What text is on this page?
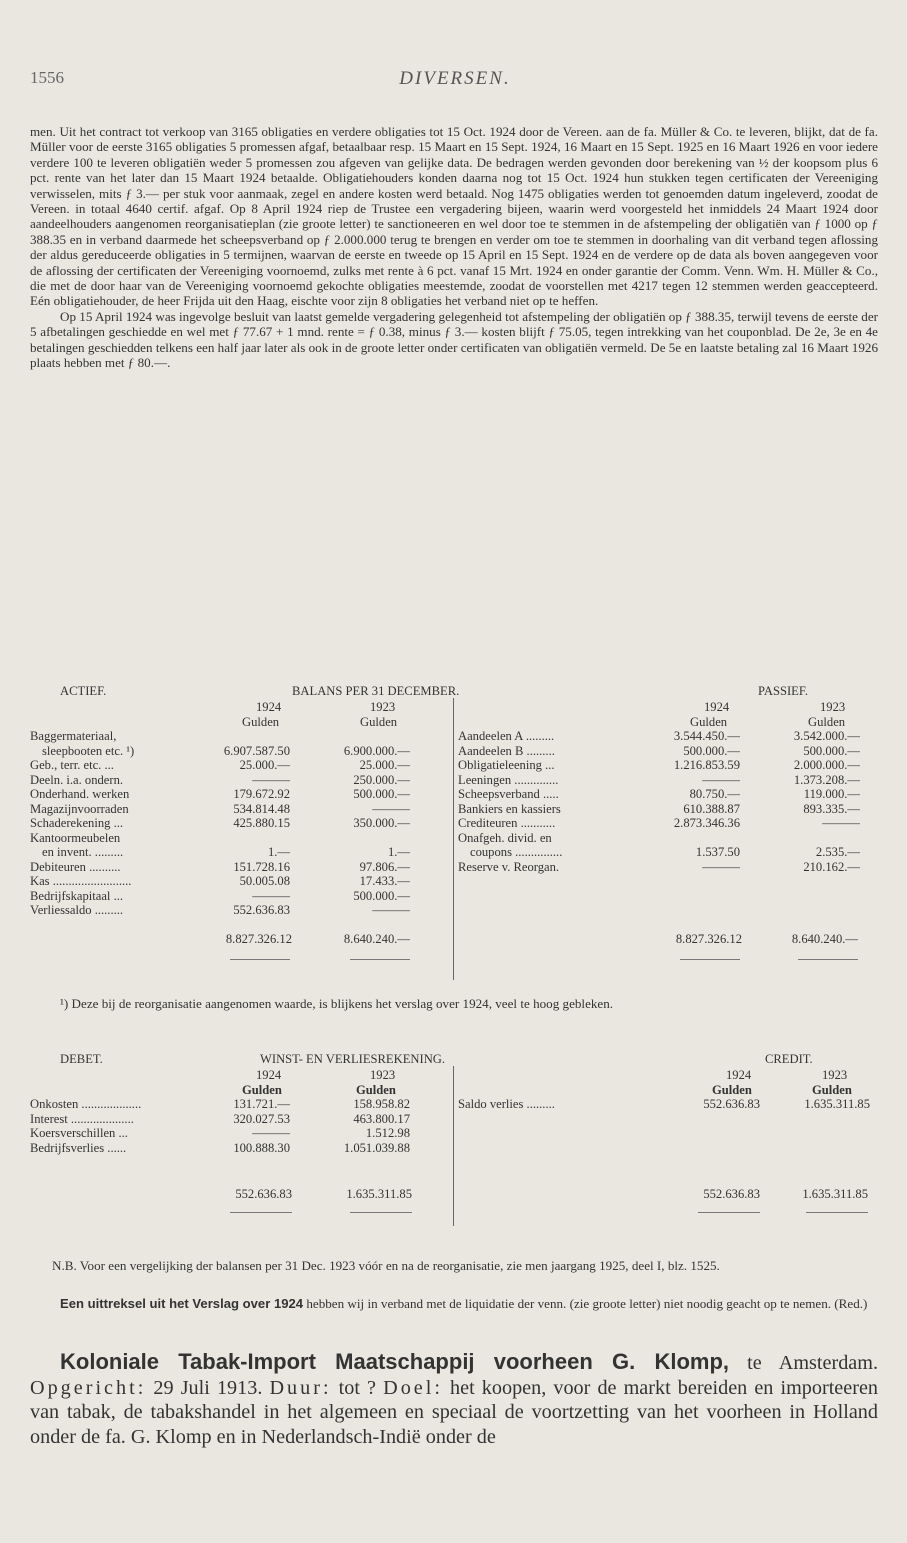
1556	DIVERSEN.

men. Uit het contract tot verkoop van 3165 obligaties en verdere obligaties tot 15 Oct. 1924 door de Vereen. aan de fa. Müller & Co. te leveren, blijkt, dat de fa. Müller voor de eerste 3165 obligaties 5 promessen afgaf, betaalbaar resp. 15 Maart en 15 Sept. 1924, 16 Maart en 15 Sept. 1925 en 16 Maart 1926 en voor iedere verdere 100 te leveren obligatiën weder 5 promessen zou afgeven van gelijke data. De bedragen werden gevonden door berekening van ½ der koopsom plus 6 pct. rente van het later dan 15 Maart 1924 betaalde. Obligatiehouders konden daarna nog tot 15 Oct. 1924 hun stukken tegen certificaten der Vereeniging verwisselen, mits ƒ 3.— per stuk voor aanmaak, zegel en andere kosten werd betaald. Nog 1475 obligaties werden tot genoemden datum ingeleverd, zoodat de Vereen. in totaal 4640 certif. afgaf. Op 8 April 1924 riep de Trustee een vergadering bijeen, waarin werd voorgesteld het inmiddels 24 Maart 1924 door aandeelhouders aangenomen reorganisatieplan (zie groote letter) te sanctioneeren en wel door toe te stemmen in de afstempeling der obligatiën van ƒ 1000 op ƒ 388.35 en in verband daarmede het scheepsverband op ƒ 2.000.000 terug te brengen en verder om toe te stemmen in doorhaling van dit verband tegen aflossing der aldus gereduceerde obligaties in 5 termijnen, waarvan de eerste en tweede op 15 April en 15 Sept. 1924 en de verdere op de data als boven aangegeven voor de aflossing der certificaten der Vereeniging voornoemd, zulks met rente à 6 pct. vanaf 15 Mrt. 1924 en onder garantie der Comm. Venn. Wm. H. Müller & Co., die met de door haar van de Vereeniging voornoemd gekochte obligaties meestemde, zoodat de voorstellen met 4217 tegen 12 stemmen werden geaccepteerd. Eén obligatiehouder, de heer Frijda uit den Haag, eischte voor zijn 8 obligaties het verband niet op te heffen.

Op 15 April 1924 was ingevolge besluit van laatst gemelde vergadering gelegenheid tot afstempeling der obligatiën op ƒ 388.35, terwijl tevens de eerste der 5 afbetalingen geschiedde en wel met ƒ 77.67 + 1 mnd. rente = ƒ 0.38, minus ƒ 3.— kosten blijft ƒ 75.05, tegen intrekking van het couponblad. De 2e, 3e en 4e betalingen geschiedden telkens een half jaar later als ook in de groote letter onder certificaten van obligatiën vermeld. De 5e en laatste betaling zal 16 Maart 1926 plaats hebben met ƒ 80.—.

ACTIEF.	BALANS PER 31 DECEMBER.	PASSIEF.
1924	1923	1924	1923
Gulden	Gulden	Gulden	Gulden
Baggermateriaal,	Aandeelen A .........	3.544.450.—	3.542.000.—
sleepbooten etc. ¹)	6.907.587.50	6.900.000.—	Aandeelen B .........	500.000.—	500.000.—
Geb., terr. etc. ...	25.000.—	25.000.—	Obligatieleening ...	1.216.853.59	2.000.000.—
Deeln. i.a. ondern.	———	250.000.—	Leeningen ..............	———	1.373.208.—
Onderhand. werken	179.672.92	500.000.—	Scheepsverband .....	80.750.—	119.000.—
Magazijnvoorraden	534.814.48	———	Bankiers en kassiers	610.388.87	893.335.—
Schaderekening ...	425.880.15	350.000.—	Crediteuren ...........	2.873.346.36	———
Kantoormeubelen	Onafgeh. divid. en
en invent. .........	1.—	1.—	coupons ...............	1.537.50	2.535.—
Debiteuren ..........	151.728.16	97.806.—	Reserve v. Reorgan.	———	210.162.—
Kas .........................	50.005.08	17.433.—
Bedrijfskapitaal ...	———	500.000.—
Verliessaldo .........	552.636.83	———
8.827.326.12	8.640.240.—	8.827.326.12	8.640.240.—

¹) Deze bij de reorganisatie aangenomen waarde, is blijkens het verslag over 1924, veel te hoog gebleken.

DEBET.	WINST- EN VERLIESREKENING.	CREDIT.
1924	1923	1924	1923
Gulden	Gulden	Gulden	Gulden
Onkosten ...................	131.721.—	158.958.82	Saldo verlies .........	552.636.83	1.635.311.85
Interest ....................	320.027.53	463.800.17
Koersverschillen ...	———	1.512.98
Bedrijfsverlies ......	100.888.30	1.051.039.88
552.636.83	1.635.311.85	552.636.83	1.635.311.85

N.B. Voor een vergelijking der balansen per 31 Dec. 1923 vóór en na de reorganisatie, zie men jaargang 1925, deel I, blz. 1525.

Een uittreksel uit het Verslag over 1924 hebben wij in verband met de liquidatie der venn. (zie groote letter) niet noodig geacht op te nemen. (Red.)

Koloniale Tabak-Import Maatschappij voorheen G. Klomp, te Amsterdam. Opgericht: 29 Juli 1913. Duur: tot ? Doel: het koopen, voor de markt bereiden en importeeren van tabak, de tabakshandel in het algemeen en speciaal de voortzetting van het voorheen in Holland onder de fa. G. Klomp en in Nederlandsch-Indië onder de
